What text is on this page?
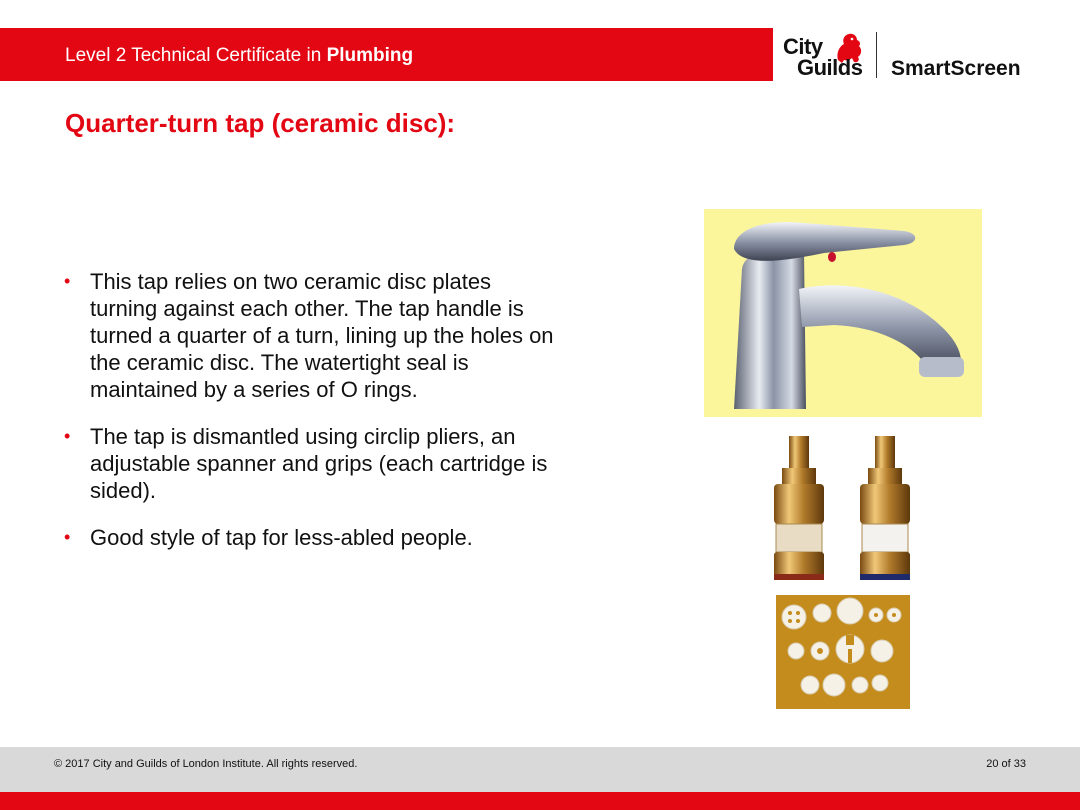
Level 2 Technical Certificate in Plumbing	City
Guilds SmartScreen
Quarter-turn tap (ceramic disc):
• This tap relies on two ceramic disc plates turning against each other. The tap handle is turned a quarter of a turn, lining up the holes on the ceramic disc. The watertight seal is maintained by a series of O rings.
• The tap is dismantled using circlip pliers, an adjustable spanner and grips (each cartridge is sided).
• Good style of tap for less-abled people.
© 2017 City and Guilds of London Institute. All rights reserved.	20 of 33
